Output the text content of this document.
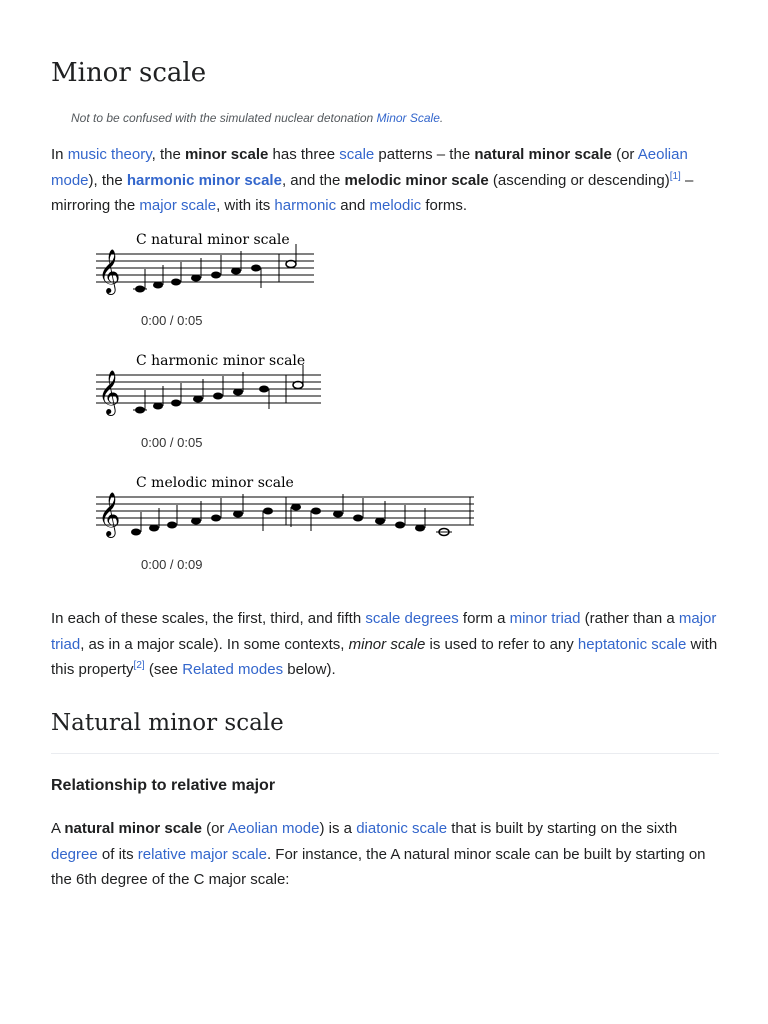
Minor scale
Not to be confused with the simulated nuclear detonation Minor Scale.
In music theory, the minor scale has three scale patterns – the natural minor scale (or Aeolian mode), the harmonic minor scale, and the melodic minor scale (ascending or descending)[1] – mirroring the major scale, with its harmonic and melodic forms.
C natural minor scale
𝄞
0:00 / 0:05
C harmonic minor scale
𝄞
0:00 / 0:05
C melodic minor scale
𝄞
0:00 / 0:09
In each of these scales, the first, third, and fifth scale degrees form a minor triad (rather than a major triad, as in a major scale). In some contexts, minor scale is used to refer to any heptatonic scale with this property[2] (see Related modes below).
Natural minor scale
Relationship to relative major
A natural minor scale (or Aeolian mode) is a diatonic scale that is built by starting on the sixth degree of its relative major scale. For instance, the A natural minor scale can be built by starting on the 6th degree of the C major scale:
